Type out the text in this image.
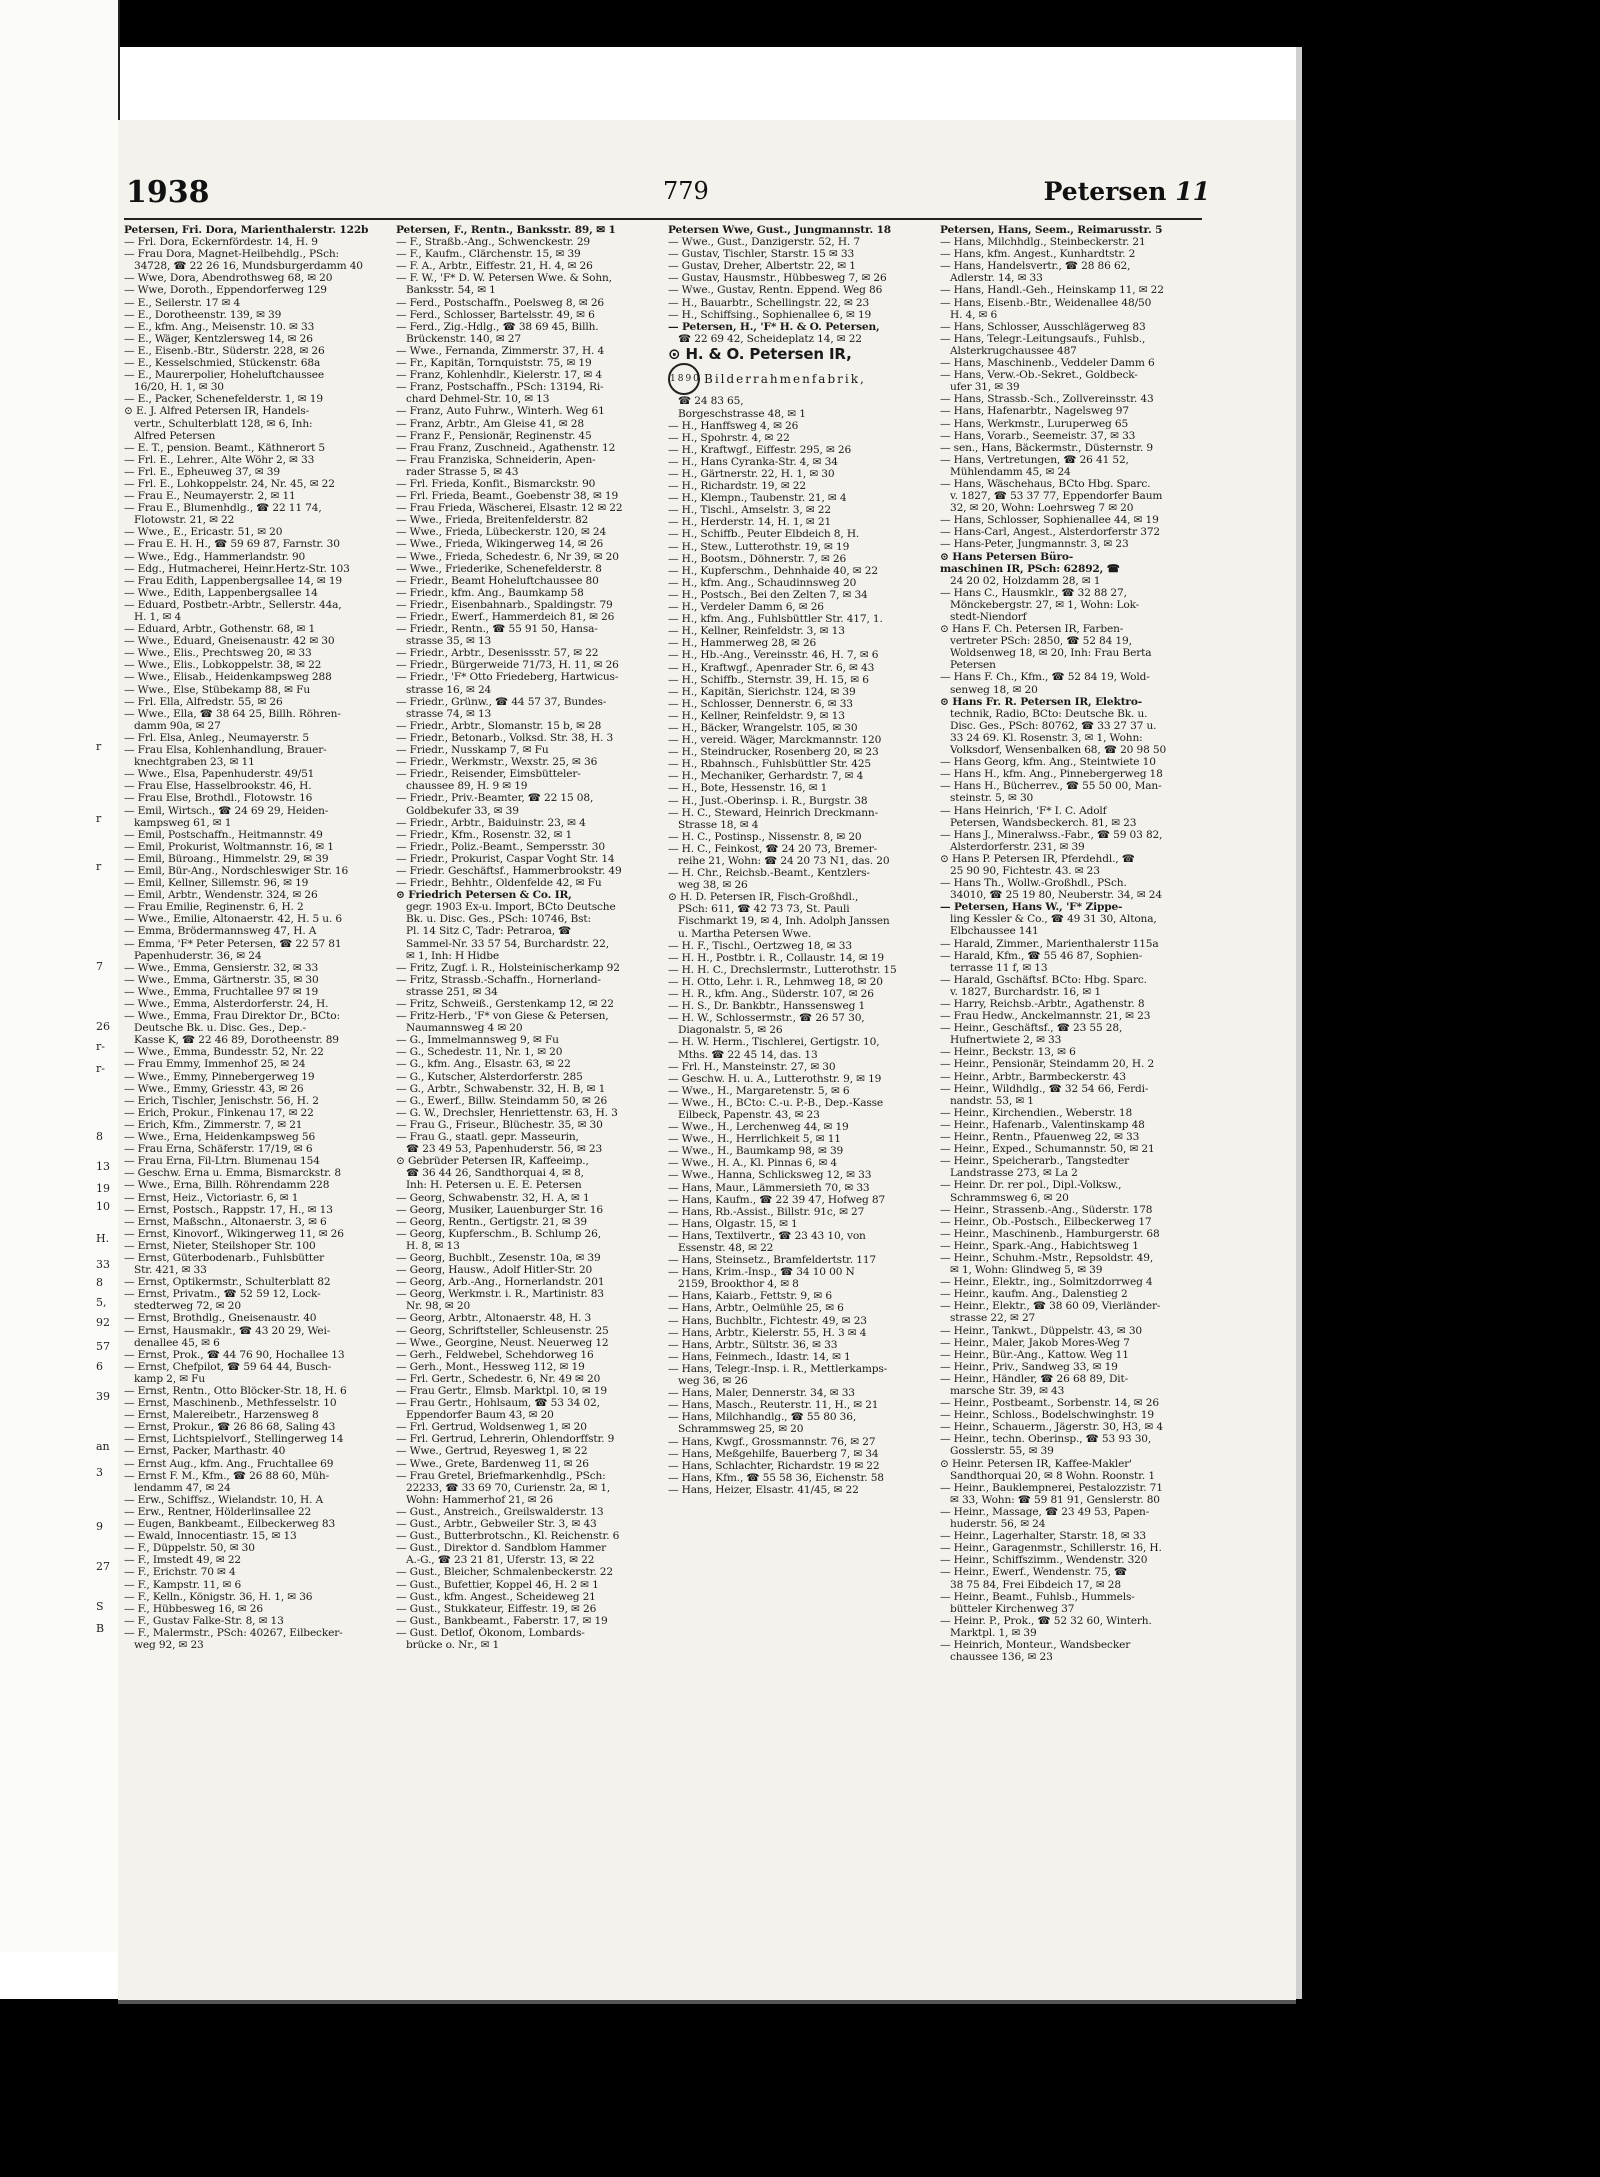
r
r
r
7
26
r-
r-
8
13
19
10
H.
33
8
5,
92
57
6
39
an
3
9
27
S
B
1938	779	Petersen 11

Petersen, Fri. Dora, Marienthalerstr. 122b

— Frl. Dora, Eckernfördestr. 14, H. 9

— Frau Dora, Magnet-Heilbehdlg., PSch:

34728, ☎ 22 26 16, Mundsburgerdamm 40

— Wwe, Dora, Abendrothsweg 68, ✉ 20

— Wwe, Doroth., Eppendorferweg 129

— E., Seilerstr. 17 ✉ 4

— E., Dorotheenstr. 139, ✉ 39

— E., kfm. Ang., Meisenstr. 10. ✉ 33

— E., Wäger, Kentzlersweg 14, ✉ 26

— E., Eisenb.-Btr., Süderstr. 228, ✉ 26

— E., Kesselschmied, Stückenstr. 68a

— E., Maurerpolier, Hoheluftchaussee

16/20, H. 1, ✉ 30

— E., Packer, Schenefelderstr. 1, ✉ 19

⊙ E. J. Alfred Petersen IR, Handels-

vertr., Schulterblatt 128, ✉ 6, Inh:

Alfred Petersen

— E. T., pension. Beamt., Käthnerort 5

— Frl. E., Lehrer., Alte Wöhr 2, ✉ 33

— Frl. E., Epheuweg 37, ✉ 39

— Frl. E., Lohkoppelstr. 24, Nr. 45, ✉ 22

— Frau E., Neumayerstr. 2, ✉ 11

— Frau E., Blumenhdlg., ☎ 22 11 74,

Flotowstr. 21, ✉ 22

— Wwe., E., Ericastr. 51, ✉ 20

— Frau E. H. H., ☎ 59 69 87, Farnstr. 30

— Wwe., Edg., Hammerlandstr. 90

— Edg., Hutmacherei, Heinr.Hertz-Str. 103

— Frau Edith, Lappenbergsallee 14, ✉ 19

— Wwe., Edith, Lappenbergsallee 14

— Eduard, Postbetr.-Arbtr., Sellerstr. 44a,

H. 1, ✉ 4

— Eduard, Arbtr., Gothenstr. 68, ✉ 1

— Wwe., Eduard, Gneisenaustr. 42 ✉ 30

— Wwe., Elis., Prechtsweg 20, ✉ 33

— Wwe., Elis., Lobkoppelstr. 38, ✉ 22

— Wwe., Elisab., Heidenkampsweg 288

— Wwe., Else, Stübekamp 88, ✉ Fu

— Frl. Ella, Alfredstr. 55, ✉ 26

— Wwe., Ella, ☎ 38 64 25, Billh. Röhren-

damm 90a, ✉ 27

— Frl. Elsa, Anleg., Neumayerstr. 5

— Frau Elsa, Kohlenhandlung, Brauer-

knechtgraben 23, ✉ 11

— Wwe., Elsa, Papenhuderstr. 49/51

— Frau Else, Hasselbrookstr. 46, H.

— Frau Else, Brothdl., Flotowstr. 16

— Emil, Wirtsch., ☎ 24 69 29, Heiden-

kampsweg 61, ✉ 1

— Emil, Postschaffn., Heitmannstr. 49

— Emil, Prokurist, Woltmannstr. 16, ✉ 1

— Emil, Büroang., Himmelstr. 29, ✉ 39

— Emil, Bür-Ang., Nordschleswiger Str. 16

— Emil, Kellner, Sillemstr. 96, ✉ 19

— Emil, Arbtr., Wendenstr. 324, ✉ 26

— Frau Emilie, Reginenstr. 6, H. 2

— Wwe., Emilie, Altonaerstr. 42, H. 5 u. 6

— Emma, Brödermannsweg 47, H. A

— Emma, 'F* Peter Petersen, ☎ 22 57 81

Papenhuderstr. 36, ✉ 24

— Wwe., Emma, Gensierstr. 32, ✉ 33

— Wwe., Emma, Gärtnerstr. 35, ✉ 30

— Wwe., Emma, Fruchtallee 97 ✉ 19

— Wwe., Emma, Alsterdorferstr. 24, H.

— Wwe., Emma, Frau Direktor Dr., BCto:

Deutsche Bk. u. Disc. Ges., Dep.-

Kasse K, ☎ 22 46 89, Dorotheenstr. 89

— Wwe., Emma, Bundesstr. 52, Nr. 22

— Frau Emmy, Immenhof 25, ✉ 24

— Wwe., Emmy, Pinnebergerweg 19

— Wwe., Emmy, Griesstr. 43, ✉ 26

— Erich, Tischler, Jenischstr. 56, H. 2

— Erich, Prokur., Finkenau 17, ✉ 22

— Erich, Kfm., Zimmerstr. 7, ✉ 21

— Wwe., Erna, Heidenkampsweg 56

— Frau Erna, Schäferstr. 17/19, ✉ 6

— Frau Erna, Fil-Ltrn. Blumenau 154

— Geschw. Erna u. Emma, Bismarckstr. 8

— Wwe., Erna, Billh. Röhrendamm 228

— Ernst, Heiz., Victoriastr. 6, ✉ 1

— Ernst, Postsch., Rappstr. 17, H., ✉ 13

— Ernst, Maßschn., Altonaerstr. 3, ✉ 6

— Ernst, Kinovorf., Wikingerweg 11, ✉ 26

— Ernst, Nieter, Steilshoper Str. 100

— Ernst, Güterbodenarb., Fuhlsbütter

Str. 421, ✉ 33

— Ernst, Optikermstr., Schulterblatt 82

— Ernst, Privatm., ☎ 52 59 12, Lock-

stedterweg 72, ✉ 20

— Ernst, Brothdlg., Gneisenaustr. 40

— Ernst, Hausmaklr., ☎ 43 20 29, Wei-

denallee 45, ✉ 6

— Ernst, Prok., ☎ 44 76 90, Hochallee 13

— Ernst, Chefpilot, ☎ 59 64 44, Busch-

kamp 2, ✉ Fu

— Ernst, Rentn., Otto Blöcker-Str. 18, H. 6

— Ernst, Maschinenb., Methfesselstr. 10

— Ernst, Malereibetr., Harzensweg 8

— Ernst, Prokur., ☎ 26 86 68, Saling 43

— Ernst, Lichtspielvorf., Stellingerweg 14

— Ernst, Packer, Marthastr. 40

— Ernst Aug., kfm. Ang., Fruchtallee 69

— Ernst F. M., Kfm., ☎ 26 88 60, Müh-

lendamm 47, ✉ 24

— Erw., Schiffsz., Wielandstr. 10, H. A

— Erw., Rentner, Hölderlinsallee 22

— Eugen, Bankbeamt., Eilbeckerweg 83

— Ewald, Innocentiastr. 15, ✉ 13

— F., Düppelstr. 50, ✉ 30

— F., Imstedt 49, ✉ 22

— F., Erichstr. 70 ✉ 4

— F., Kampstr. 11, ✉ 6

— F., Kelln., Königstr. 36, H. 1, ✉ 36

— F., Hübbesweg 16, ✉ 26

— F., Gustav Falke-Str. 8, ✉ 13

— F., Malermstr., PSch: 40267, Eilbecker-

weg 92, ✉ 23

Petersen, F., Rentn., Banksstr. 89, ✉ 1

— F., Straßb.-Ang., Schwenckestr. 29

— F., Kaufm., Clärchenstr. 15, ✉ 39

— F. A., Arbtr., Eiffestr. 21, H. 4, ✉ 26

— F. W., 'F* D. W. Petersen Wwe. & Sohn,

Banksstr. 54, ✉ 1

— Ferd., Postschaffn., Poelsweg 8, ✉ 26

— Ferd., Schlosser, Bartelsstr. 49, ✉ 6

— Ferd., Zig.-Hdlg., ☎ 38 69 45, Billh.

Brückenstr. 140, ✉ 27

— Wwe., Fernanda, Zimmerstr. 37, H. 4

— Fr., Kapitän, Tornquiststr. 75, ✉ 19

— Franz, Kohlenhdlr., Kielerstr. 17, ✉ 4

— Franz, Postschaffn., PSch: 13194, Ri-

chard Dehmel-Str. 10, ✉ 13

— Franz, Auto Fuhrw., Winterh. Weg 61

— Franz, Arbtr., Am Gleise 41, ✉ 28

— Franz F., Pensionär, Reginenstr. 45

— Frau Franz, Zuschneid., Agathenstr. 12

— Frau Franziska, Schneiderin, Apen-

rader Strasse 5, ✉ 43

— Frl. Frieda, Konfit., Bismarckstr. 90

— Frl. Frieda, Beamt., Goebenstr 38, ✉ 19

— Frau Frieda, Wäscherei, Elsastr. 12 ✉ 22

— Wwe., Frieda, Breitenfelderstr. 82

— Wwe., Frieda, Lübeckerstr. 120, ✉ 24

— Wwe., Frieda, Wikingerweg 14, ✉ 26

— Wwe., Frieda, Schedestr. 6, Nr 39, ✉ 20

— Wwe., Friederike, Schenefelderstr. 8

— Friedr., Beamt Hoheluftchaussee 80

— Friedr., kfm. Ang., Baumkamp 58

— Friedr., Eisenbahnarb., Spaldingstr. 79

— Friedr., Ewerf., Hammerdeich 81, ✉ 26

— Friedr., Rentn., ☎ 55 91 50, Hansa-

strasse 35, ✉ 13

— Friedr., Arbtr., Desenissstr. 57, ✉ 22

— Friedr., Bürgerweide 71/73, H. 11, ✉ 26

— Friedr., 'F* Otto Friedeberg, Hartwicus-

strasse 16, ✉ 24

— Friedr., Grünw., ☎ 44 57 37, Bundes-

strasse 74, ✉ 13

— Friedr., Arbtr., Slomanstr. 15 b, ✉ 28

— Friedr., Betonarb., Volksd. Str. 38, H. 3

— Friedr., Nusskamp 7, ✉ Fu

— Friedr., Werkmstr., Wexstr. 25, ✉ 36

— Friedr., Reisender, Eimsbütteler-

chaussee 89, H. 9 ✉ 19

— Friedr., Priv.-Beamter, ☎ 22 15 08,

Goldbekufer 33, ✉ 39

— Friedr., Arbtr., Baiduinstr. 23, ✉ 4

— Friedr., Kfm., Rosenstr. 32, ✉ 1

— Friedr., Poliz.-Beamt., Sempersstr. 30

— Friedr., Prokurist, Caspar Voght Str. 14

— Friedr. Geschäftsf., Hammerbrookstr. 49

— Friedr., Behhtr., Oldenfelde 42, ✉ Fu

⊙ Friedrich Petersen & Co. IR,

gegr. 1903 Ex-u. Import, BCto Deutsche

Bk. u. Disc. Ges., PSch: 10746, Bst:

Pl. 14 Sitz C, Tadr: Petraroa, ☎

Sammel-Nr. 33 57 54, Burchardstr. 22,

✉ 1, Inh: H Hidbe

— Fritz, Zugf. i. R., Holsteinischerkamp 92

— Fritz, Strassb.-Schaffn., Hornerland-

strasse 251, ✉ 34

— Fritz, Schweiß., Gerstenkamp 12, ✉ 22

— Fritz-Herb., 'F* von Giese & Petersen,

Naumannsweg 4 ✉ 20

— G., Immelmannsweg 9, ✉ Fu

— G., Schedestr. 11, Nr. 1, ✉ 20

— G., kfm. Ang., Elsastr. 63, ✉ 22

— G., Kutscher, Alsterdorferstr. 285

— G., Arbtr., Schwabenstr. 32, H. B, ✉ 1

— G., Ewerf., Billw. Steindamm 50, ✉ 26

— G. W., Drechsler, Henriettenstr. 63, H. 3

— Frau G., Friseur., Blüchestr. 35, ✉ 30

— Frau G., staatl. gepr. Masseurin,

☎ 23 49 53, Papenhuderstr. 56, ✉ 23

⊙ Gebrüder Petersen IR, Kaffeeimp.,

☎ 36 44 26, Sandthorquai 4, ✉ 8,

Inh: H. Petersen u. E. E. Petersen

— Georg, Schwabenstr. 32, H. A, ✉ 1

— Georg, Musiker, Lauenburger Str. 16

— Georg, Rentn., Gertigstr. 21, ✉ 39

— Georg, Kupferschm., B. Schlump 26,

H. 8, ✉ 13

— Georg, Buchblt., Zesenstr. 10a, ✉ 39

— Georg, Hausw., Adolf Hitler-Str. 20

— Georg, Arb.-Ang., Hornerlandstr. 201

— Georg, Werkmstr. i. R., Martinistr. 83

Nr. 98, ✉ 20

— Georg, Arbtr., Altonaerstr. 48, H. 3

— Georg, Schriftsteller, Schleusenstr. 25

— Wwe., Georgine, Neust. Neuerweg 12

— Gerh., Feldwebel, Schehdorweg 16

— Gerh., Mont., Hessweg 112, ✉ 19

— Frl. Gertr., Schedestr. 6, Nr. 49 ✉ 20

— Frau Gertr., Elmsb. Marktpl. 10, ✉ 19

— Frau Gertr., Hohlsaum, ☎ 53 34 02,

Eppendorfer Baum 43, ✉ 20

— Frl. Gertrud, Woldsenweg 1, ✉ 20

— Frl. Gertrud, Lehrerin, Ohlendorffstr. 9

— Wwe., Gertrud, Reyesweg 1, ✉ 22

— Wwe., Grete, Bardenweg 11, ✉ 26

— Frau Gretel, Briefmarkenhdlg., PSch:

22233, ☎ 33 69 70, Curienstr. 2a, ✉ 1,

Wohn: Hammerhof 21, ✉ 26

— Gust., Anstreich., Greilswalderstr. 13

— Gust., Arbtr., Gebweiler Str. 3, ✉ 43

— Gust., Butterbrotschn., Kl. Reichenstr. 6

— Gust., Direktor d. Sandblom Hammer

A.-G., ☎ 23 21 81, Uferstr. 13, ✉ 22

— Gust., Bleicher, Schmalenbeckerstr. 22

— Gust., Bufettier, Koppel 46, H. 2 ✉ 1

— Gust., kfm. Angest., Scheideweg 21

— Gust., Stukkateur, Eiffestr. 19, ✉ 26

— Gust., Bankbeamt., Faberstr. 17, ✉ 19

— Gust. Detlof, Ökonom, Lombards-

brücke o. Nr., ✉ 1

Petersen Wwe, Gust., Jungmannstr. 18

— Wwe., Gust., Danzigerstr. 52, H. 7

— Gustav, Tischler, Starstr. 15 ✉ 33

— Gustav, Dreher, Albertstr. 22, ✉ 1

— Gustav, Hausmstr., Hübbesweg 7, ✉ 26

— Wwe., Gustav, Rentn. Eppend. Weg 86

— H., Bauarbtr., Schellingstr. 22, ✉ 23

— H., Schiffsing., Sophienallee 6, ✉ 19

— Petersen, H., 'F* H. & O. Petersen,

☎ 22 69 42, Scheideplatz 14, ✉ 22

⊙ H. & O. Petersen IR,

1890 Bilderrahmenfabrik,

☎ 24 83 65,

Borgeschstrasse 48, ✉ 1

— H., Hanffsweg 4, ✉ 26

— H., Spohrstr. 4, ✉ 22

— H., Kraftwgf., Eiffestr. 295, ✉ 26

— H., Hans Cyranka-Str. 4, ✉ 34

— H., Gärtnerstr. 22, H. 1, ✉ 30

— H., Richardstr. 19, ✉ 22

— H., Klempn., Taubenstr. 21, ✉ 4

— H., Tischl., Amselstr. 3, ✉ 22

— H., Herderstr. 14, H. 1, ✉ 21

— H., Schiffb., Peuter Elbdeich 8, H.

— H., Stew., Lutterothstr. 19, ✉ 19

— H., Bootsm., Döhnerstr. 7, ✉ 26

— H., Kupferschm., Dehnhaide 40, ✉ 22

— H., kfm. Ang., Schaudinnsweg 20

— H., Postsch., Bei den Zelten 7, ✉ 34

— H., Verdeler Damm 6, ✉ 26

— H., kfm. Ang., Fuhlsbüttler Str. 417, 1.

— H., Kellner, Reinfeldstr. 3, ✉ 13

— H., Hammerweg 28, ✉ 26

— H., Hb.-Ang., Vereinsstr. 46, H. 7, ✉ 6

— H., Kraftwgf., Apenrader Str. 6, ✉ 43

— H., Schiffb., Sternstr. 39, H. 15, ✉ 6

— H., Kapitän, Sierichstr. 124, ✉ 39

— H., Schlosser, Dennerstr. 6, ✉ 33

— H., Kellner, Reinfeldstr. 9, ✉ 13

— H., Bäcker, Wrangelstr. 105, ✉ 30

— H., vereid. Wäger, Marckmannstr. 120

— H., Steindrucker, Rosenberg 20, ✉ 23

— H., Rbahnsch., Fuhlsbüttler Str. 425

— H., Mechaniker, Gerhardstr. 7, ✉ 4

— H., Bote, Hessenstr. 16, ✉ 1

— H., Just.-Oberinsp. i. R., Burgstr. 38

— H. C., Steward, Heinrich Dreckmann-

Strasse 18, ✉ 4

— H. C., Postinsp., Nissenstr. 8, ✉ 20

— H. C., Feinkost, ☎ 24 20 73, Bremer-

reihe 21, Wohn: ☎ 24 20 73 N1, das. 20

— H. Chr., Reichsb.-Beamt., Kentzlers-

weg 38, ✉ 26

⊙ H. D. Petersen IR, Fisch-Großhdl.,

PSch: 611, ☎ 42 73 73, St. Pauli

Fischmarkt 19, ✉ 4, Inh. Adolph Janssen

u. Martha Petersen Wwe.

— H. F., Tischl., Oertzweg 18, ✉ 33

— H. H., Postbtr. i. R., Collaustr. 14, ✉ 19

— H. H. C., Drechslermstr., Lutterothstr. 15

— H. Otto, Lehr. i. R., Lehmweg 18, ✉ 20

— H. R., kfm. Ang., Süderstr. 107, ✉ 26

— H. S., Dr. Bankbtr., Hanssensweg 1

— H. W., Schlossermstr., ☎ 26 57 30,

Diagonalstr. 5, ✉ 26

— H. W. Herm., Tischlerei, Gertigstr. 10,

Mths. ☎ 22 45 14, das. 13

— Frl. H., Mansteinstr. 27, ✉ 30

— Geschw. H. u. A., Lutterothstr. 9, ✉ 19

— Wwe., H., Margaretenstr. 5, ✉ 6

— Wwe., H., BCto: C.-u. P.-B., Dep.-Kasse

Eilbeck, Papenstr. 43, ✉ 23

— Wwe., H., Lerchenweg 44, ✉ 19

— Wwe., H., Herrlichkeit 5, ✉ 11

— Wwe., H., Baumkamp 98, ✉ 39

— Wwe., H. A., Kl. Pinnas 6, ✉ 4

— Wwe., Hanna, Schlicksweg 12, ✉ 33

— Hans, Maur., Lämmersieth 70, ✉ 33

— Hans, Kaufm., ☎ 22 39 47, Hofweg 87

— Hans, Rb.-Assist., Billstr. 91c, ✉ 27

— Hans, Olgastr. 15, ✉ 1

— Hans, Textilvertr., ☎ 23 43 10, von

Essenstr. 48, ✉ 22

— Hans, Steinsetz., Bramfeldertstr. 117

— Hans, Krim.-Insp., ☎ 34 10 00 N

2159, Brookthor 4, ✉ 8

— Hans, Kaiarb., Fettstr. 9, ✉ 6

— Hans, Arbtr., Oelmühle 25, ✉ 6

— Hans, Buchbltr., Fichtestr. 49, ✉ 23

— Hans, Arbtr., Kielerstr. 55, H. 3 ✉ 4

— Hans, Arbtr., Sültstr. 36, ✉ 33

— Hans, Feinmech., Idastr. 14, ✉ 1

— Hans, Telegr.-Insp. i. R., Mettlerkamps-

weg 36, ✉ 26

— Hans, Maler, Dennerstr. 34, ✉ 33

— Hans, Masch., Reuterstr. 11, H., ✉ 21

— Hans, Milchhandlg., ☎ 55 80 36,

Schrammsweg 25, ✉ 20

— Hans, Kwgf., Grossmannstr. 76, ✉ 27

— Hans, Meßgehilfe, Bauerberg 7, ✉ 34

— Hans, Schlachter, Richardstr. 19 ✉ 22

— Hans, Kfm., ☎ 55 58 36, Eichenstr. 58

— Hans, Heizer, Elsastr. 41/45, ✉ 22

Petersen, Hans, Seem., Reimarusstr. 5

— Hans, Milchhdlg., Steinbeckerstr. 21

— Hans, kfm. Angest., Kunhardtstr. 2

— Hans, Handelsvertr., ☎ 28 86 62,

Adlerstr. 14, ✉ 33

— Hans, Handl.-Geh., Heinskamp 11, ✉ 22

— Hans, Eisenb.-Btr., Weidenallee 48/50

H. 4, ✉ 6

— Hans, Schlosser, Ausschlägerweg 83

— Hans, Telegr.-Leitungsaufs., Fuhlsb.,

Alsterkrugchaussee 487

— Hans, Maschinenb., Veddeler Damm 6

— Hans, Verw.-Ob.-Sekret., Goldbeck-

ufer 31, ✉ 39

— Hans, Strassb.-Sch., Zollvereinsstr. 43

— Hans, Hafenarbtr., Nagelsweg 97

— Hans, Werkmstr., Luruperweg 65

— Hans, Vorarb., Seemeistr. 37, ✉ 33

— sen., Hans, Bäckermstr., Düsternstr. 9

— Hans, Vertretungen, ☎ 26 41 52,

Mühlendamm 45, ✉ 24

— Hans, Wäschehaus, BCto Hbg. Sparc.

v. 1827, ☎ 53 37 77, Eppendorfer Baum

32, ✉ 20, Wohn: Loehrsweg 7 ✉ 20

— Hans, Schlosser, Sophienallee 44, ✉ 19

— Hans-Carl, Angest., Alsterdorferstr 372

— Hans-Peter, Jungmannstr. 3, ✉ 23

⊙ Hans Petersen Büro-

maschinen IR, PSch: 62892, ☎

24 20 02, Holzdamm 28, ✉ 1

— Hans C., Hausmklr., ☎ 32 88 27,

Mönckebergstr. 27, ✉ 1, Wohn: Lok-

stedt-Niendorf

⊙ Hans F. Ch. Petersen IR, Farben-

vertreter PSch: 2850, ☎ 52 84 19,

Woldsenweg 18, ✉ 20, Inh: Frau Berta

Petersen

— Hans F. Ch., Kfm., ☎ 52 84 19, Wold-

senweg 18, ✉ 20

⊙ Hans Fr. R. Petersen IR, Elektro-

technik, Radio, BCto: Deutsche Bk. u.

Disc. Ges., PSch: 80762, ☎ 33 27 37 u.

33 24 69. Kl. Rosenstr. 3, ✉ 1, Wohn:

Volksdorf, Wensenbalken 68, ☎ 20 98 50

— Hans Georg, kfm. Ang., Steintwiete 10

— Hans H., kfm. Ang., Pinnebergerweg 18

— Hans H., Bücherrev., ☎ 55 50 00, Man-

steinstr. 5, ✉ 30

— Hans Heinrich, 'F* I. C. Adolf

Petersen, Wandsbeckerch. 81, ✉ 23

— Hans J., Mineralwss.-Fabr., ☎ 59 03 82,

Alsterdorferstr. 231, ✉ 39

⊙ Hans P. Petersen IR, Pferdehdl., ☎

25 90 90, Fichtestr. 43. ✉ 23

— Hans Th., Wollw.-Großhdl., PSch.

34010, ☎ 25 19 80, Neuberstr. 34, ✉ 24

— Petersen, Hans W., 'F* Zippe-

ling Kessler & Co., ☎ 49 31 30, Altona,

Elbchaussee 141

— Harald, Zimmer., Marienthalerstr 115a

— Harald, Kfm., ☎ 55 46 87, Sophien-

terrasse 11 f, ✉ 13

— Harald, Gschäftsf. BCto: Hbg. Sparc.

v. 1827, Burchardstr. 16, ✉ 1

— Harry, Reichsb.-Arbtr., Agathenstr. 8

— Frau Hedw., Anckelmannstr. 21, ✉ 23

— Heinr., Geschäftsf., ☎ 23 55 28,

Hufnertwiete 2, ✉ 33

— Heinr., Beckstr. 13, ✉ 6

— Heinr., Pensionär, Steindamm 20, H. 2

— Heinr., Arbtr., Barmbeckerstr. 43

— Heinr., Wildhdlg., ☎ 32 54 66, Ferdi-

nandstr. 53, ✉ 1

— Heinr., Kirchendien., Weberstr. 18

— Heinr., Hafenarb., Valentinskamp 48

— Heinr., Rentn., Pfauenweg 22, ✉ 33

— Heinr., Exped., Schumannstr. 50, ✉ 21

— Heinr., Speicherarb., Tangstedter

Landstrasse 273, ✉ La 2

— Heinr. Dr. rer pol., Dipl.-Volksw.,

Schrammsweg 6, ✉ 20

— Heinr., Strassenb.-Ang., Süderstr. 178

— Heinr., Ob.-Postsch., Eilbeckerweg 17

— Heinr., Maschinenb., Hamburgerstr. 68

— Heinr., Spark.-Ang., Habichtsweg 1

— Heinr., Schuhm.-Mstr., Repsoldstr. 49,

✉ 1, Wohn: Glindweg 5, ✉ 39

— Heinr., Elektr., ing., Solmitzdorrweg 4

— Heinr., kaufm. Ang., Dalenstieg 2

— Heinr., Elektr., ☎ 38 60 09, Vierländer-

strasse 22, ✉ 27

— Heinr., Tankwt., Düppelstr. 43, ✉ 30

— Heinr., Maler, Jakob Mores-Weg 7

— Heinr., Bür.-Ang., Kattow. Weg 11

— Heinr., Priv., Sandweg 33, ✉ 19

— Heinr., Händler, ☎ 26 68 89, Dit-

marsche Str. 39, ✉ 43

— Heinr., Postbeamt., Sorbenstr. 14, ✉ 26

— Heinr., Schloss., Bodelschwinghstr. 19

— Heinr., Schauerm., Jägerstr. 30, H3, ✉ 4

— Heinr., techn. Oberinsp., ☎ 53 93 30,

Gosslerstr. 55, ✉ 39

⊙ Heinr. Petersen IR, Kaffee-Makler'

Sandthorquai 20, ✉ 8 Wohn. Roonstr. 1

— Heinr., Bauklempnerei, Pestalozzistr. 71

✉ 33, Wohn: ☎ 59 81 91, Genslerstr. 80

— Heinr., Massage, ☎ 23 49 53, Papen-

huderstr. 56, ✉ 24

— Heinr., Lagerhalter, Starstr. 18, ✉ 33

— Heinr., Garagenmstr., Schillerstr. 16, H.

— Heinr., Schiffszimm., Wendenstr. 320

— Heinr., Ewerf., Wendenstr. 75, ☎

38 75 84, Frei Eibdeich 17, ✉ 28

— Heinr., Beamt., Fuhlsb., Hummels-

bütteler Kirchenweg 37

— Heinr. P., Prok., ☎ 52 32 60, Winterh.

Marktpl. 1, ✉ 39

— Heinrich, Monteur., Wandsbecker

chaussee 136, ✉ 23
